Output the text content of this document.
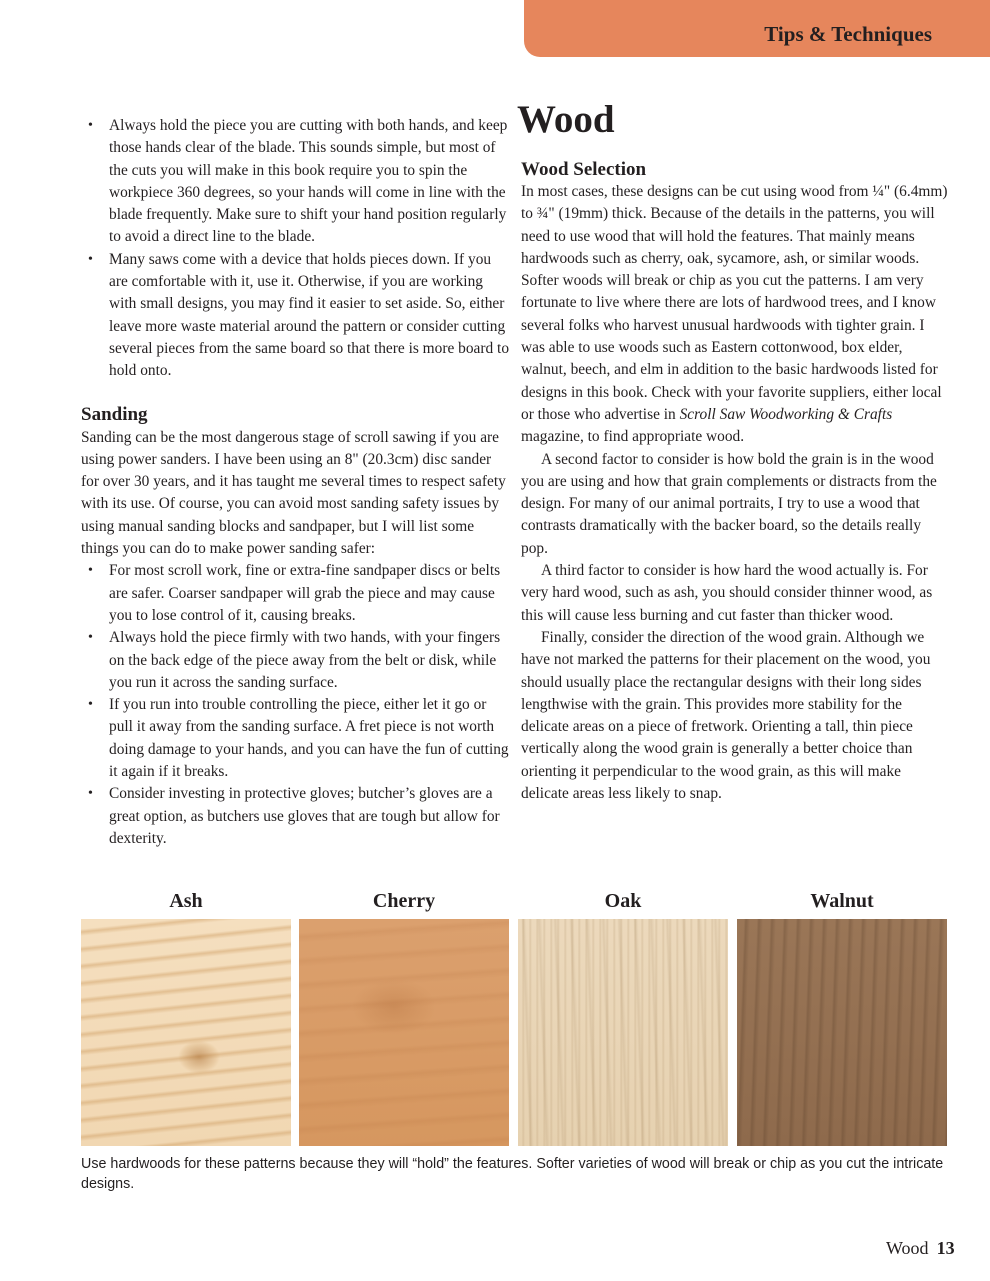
Tips & Techniques
• Always hold the piece you are cutting with both hands, and keep those hands clear of the blade. This sounds simple, but most of the cuts you will make in this book require you to spin the workpiece 360 degrees, so your hands will come in line with the blade frequently. Make sure to shift your hand position regularly to avoid a direct line to the blade.
• Many saws come with a device that holds pieces down. If you are comfortable with it, use it. Otherwise, if you are working with small designs, you may find it easier to set aside. So, either leave more waste material around the pattern or consider cutting several pieces from the same board so that there is more board to hold onto.
Sanding

Sanding can be the most dangerous stage of scroll sawing if you are using power sanders. I have been using an 8" (20.3cm) disc sander for over 30 years, and it has taught me several times to respect safety with its use. Of course, you can avoid most sanding safety issues by using manual sanding blocks and sandpaper, but I will list some things you can do to make power sanding safer:

• For most scroll work, fine or extra-fine sandpaper discs or belts are safer. Coarser sandpaper will grab the piece and may cause you to lose control of it, causing breaks.
• Always hold the piece firmly with two hands, with your fingers on the back edge of the piece away from the belt or disk, while you run it across the sanding surface.
• If you run into trouble controlling the piece, either let it go or pull it away from the sanding surface. A fret piece is not worth doing damage to your hands, and you can have the fun of cutting it again if it breaks.
• Consider investing in protective gloves; butcher’s gloves are a great option, as butchers use gloves that are tough but allow for dexterity.
Wood
Wood Selection

In most cases, these designs can be cut using wood from ¼" (6.4mm) to ¾" (19mm) thick. Because of the details in the patterns, you will need to use wood that will hold the features. That mainly means hardwoods such as cherry, oak, sycamore, ash, or similar woods. Softer woods will break or chip as you cut the patterns. I am very fortunate to live where there are lots of hardwood trees, and I know several folks who harvest unusual hardwoods with tighter grain. I was able to use woods such as Eastern cottonwood, box elder, walnut, beech, and elm in addition to the basic hardwoods listed for designs in this book. Check with your favorite suppliers, either local or those who advertise in Scroll Saw Woodworking & Crafts magazine, to find appropriate wood.

A second factor to consider is how bold the grain is in the wood you are using and how that grain complements or distracts from the design. For many of our animal portraits, I try to use a wood that contrasts dramatically with the backer board, so the details really pop.

A third factor to consider is how hard the wood actually is. For very hard wood, such as ash, you should consider thinner wood, as this will cause less burning and cut faster than thicker wood.

Finally, consider the direction of the wood grain. Although we have not marked the patterns for their placement on the wood, you should usually place the rectangular designs with their long sides lengthwise with the grain. This provides more stability for the delicate areas on a piece of fretwork. Orienting a tall, thin piece vertically along the wood grain is generally a better choice than orienting it perpendicular to the wood grain, as this will make delicate areas less likely to snap.

Ash	Cherry	Oak	Walnut
Use hardwoods for these patterns because they will “hold” the features. Softer varieties of wood will break or chip as you cut the intricate designs.
Wood 13
